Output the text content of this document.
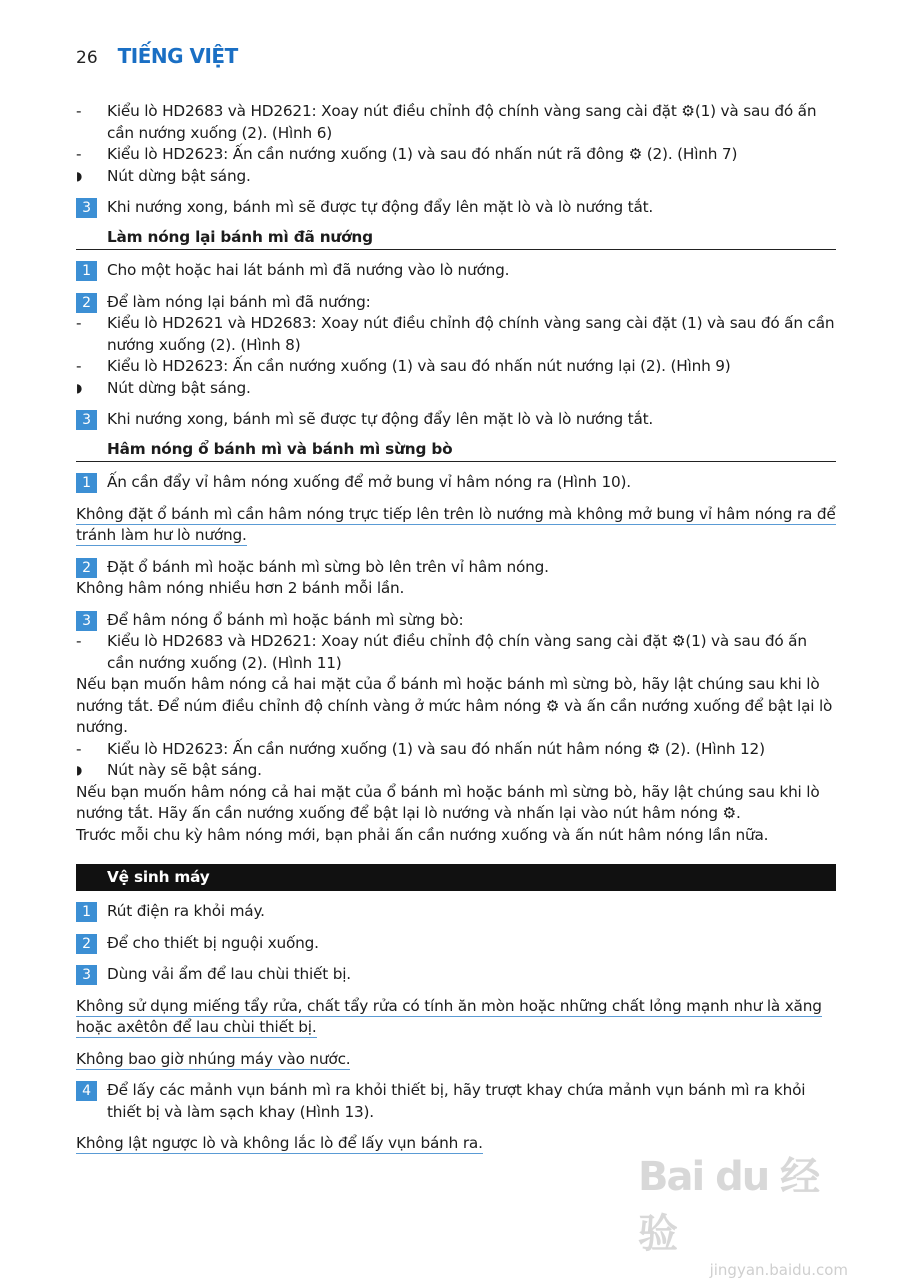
26 TIẾNG VIỆT
-	Kiểu lò HD2683 và HD2621: Xoay nút điều chỉnh độ chính vàng sang cài đặt ⚙(1) và sau đó ấn cần nướng xuống (2). (Hình 6)
-	Kiểu lò HD2623: Ấn cần nướng xuống (1) và sau đó nhấn nút rã đông ⚙ (2). (Hình 7)
◗	Nút dừng bật sáng.
3	Khi nướng xong, bánh mì sẽ được tự động đẩy lên mặt lò và lò nướng tắt.
Làm nóng lại bánh mì đã nướng
1	Cho một hoặc hai lát bánh mì đã nướng vào lò nướng.
2	Để làm nóng lại bánh mì đã nướng:
-	Kiểu lò HD2621 và HD2683: Xoay nút điều chỉnh độ chính vàng sang cài đặt (1) và sau đó ấn cần nướng xuống (2). (Hình 8)
-	Kiểu lò HD2623: Ấn cần nướng xuống (1) và sau đó nhấn nút nướng lại (2). (Hình 9)
◗	Nút dừng bật sáng.
3	Khi nướng xong, bánh mì sẽ được tự động đẩy lên mặt lò và lò nướng tắt.
Hâm nóng ổ bánh mì và bánh mì sừng bò
1	Ấn cần đẩy vỉ hâm nóng xuống để mở bung vỉ hâm nóng ra (Hình 10).
Không đặt ổ bánh mì cần hâm nóng trực tiếp lên trên lò nướng mà không mở bung vỉ hâm nóng ra để tránh làm hư lò nướng.
2	Đặt ổ bánh mì hoặc bánh mì sừng bò lên trên vỉ hâm nóng.
Không hâm nóng nhiều hơn 2 bánh mỗi lần.
3	Để hâm nóng ổ bánh mì hoặc bánh mì sừng bò:
-	Kiểu lò HD2683 và HD2621: Xoay nút điều chỉnh độ chín vàng sang cài đặt ⚙(1) và sau đó ấn cần nướng xuống (2). (Hình 11)
Nếu bạn muốn hâm nóng cả hai mặt của ổ bánh mì hoặc bánh mì sừng bò, hãy lật chúng sau khi lò nướng tắt. Để núm điều chỉnh độ chính vàng ở mức hâm nóng ⚙ và ấn cần nướng xuống để bật lại lò nướng.
-	Kiểu lò HD2623: Ấn cần nướng xuống (1) và sau đó nhấn nút hâm nóng ⚙ (2). (Hình 12)
◗	Nút này sẽ bật sáng.
Nếu bạn muốn hâm nóng cả hai mặt của ổ bánh mì hoặc bánh mì sừng bò, hãy lật chúng sau khi lò nướng tắt. Hãy ấn cần nướng xuống để bật lại lò nướng và nhấn lại vào nút hâm nóng ⚙.
Trước mỗi chu kỳ hâm nóng mới, bạn phải ấn cần nướng xuống và ấn nút hâm nóng lần nữa.
Vệ sinh máy
1	Rút điện ra khỏi máy.
2	Để cho thiết bị nguội xuống.
3	Dùng vải ẩm để lau chùi thiết bị.
Không sử dụng miếng tẩy rửa, chất tẩy rửa có tính ăn mòn hoặc những chất lỏng mạnh như là xăng hoặc axêtôn để lau chùi thiết bị.
Không bao giờ nhúng máy vào nước.
4	Để lấy các mảnh vụn bánh mì ra khỏi thiết bị, hãy trượt khay chứa mảnh vụn bánh mì ra khỏi thiết bị và làm sạch khay (Hình 13).
Không lật ngược lò và không lắc lò để lấy vụn bánh ra.
Bai du 经验
jingyan.baidu.com
